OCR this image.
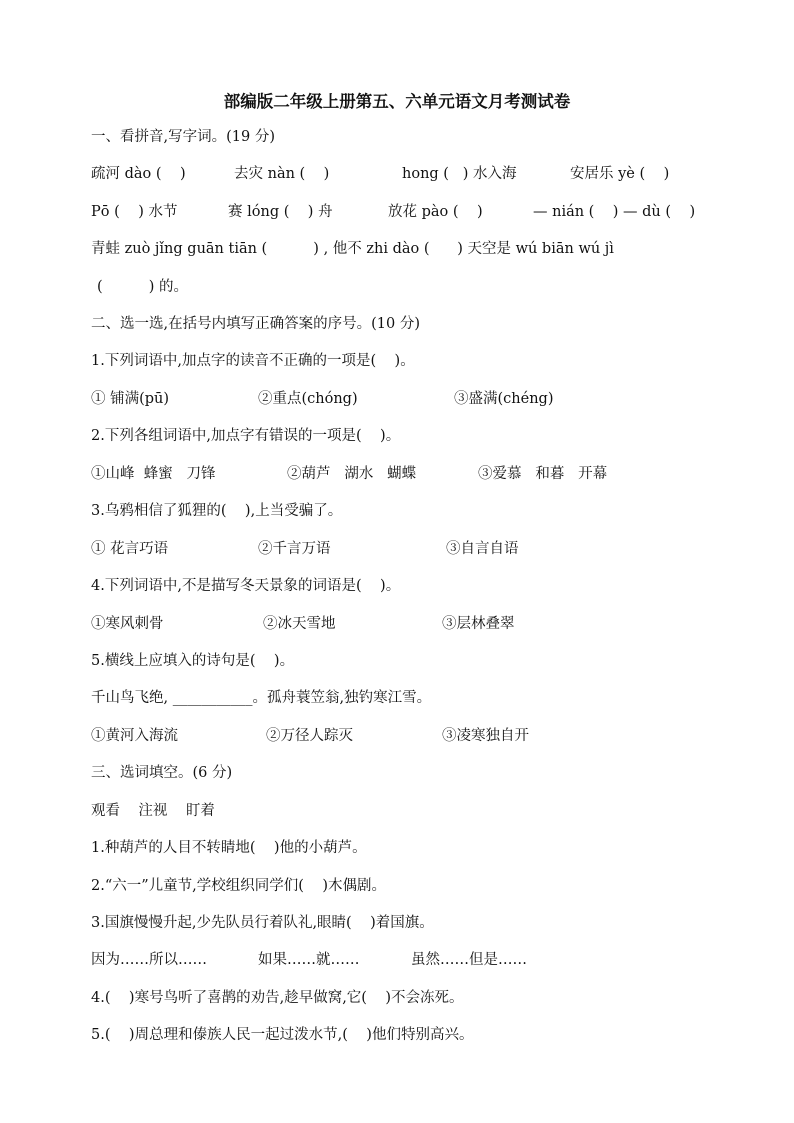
部编版二年级上册第五、六单元语文月考测试卷
一、看拼音,写字词。(19 分)
疏河 dào (    )	去灾 nàn (    )	hong (   ) 水入海	安居乐 yè (    )
Pō (    ) 水节	赛 lóng (    ) 舟	放花 pào (    )	— nián (    ) — dù (    )
青蛙 zuò jǐng guān tiān (          ) , 他不 zhi dào (      ) 天空是 wú biān wú jì
(          ) 的。
二、选一选,在括号内填写正确答案的序号。(10 分)
1.下列词语中,加点字的读音不正确的一项是(    )。
① 铺满(pū)	②重点(chóng)	③盛满(chéng)
2.下列各组词语中,加点字有错误的一项是(    )。
①山峰  蜂蜜   刀锋	②葫芦   湖水   蝴蝶	③爱慕   和暮   开幕
3.乌鸦相信了狐狸的(    ),上当受骗了。
① 花言巧语	②千言万语	③自言自语
4.下列词语中,不是描写冬天景象的词语是(    )。
①寒风刺骨	②冰天雪地	③层林叠翠
5.横线上应填入的诗句是(    )。
千山鸟飞绝, ___________。孤舟蓑笠翁,独钓寒江雪。
①黄河入海流	②万径人踪灭	③凌寒独自开
三、选词填空。(6 分)
观看    注视    盯着
1.种葫芦的人目不转睛地(    )他的小葫芦。
2.“六一”儿童节,学校组织同学们(    )木偶剧。
3.国旗慢慢升起,少先队员行着队礼,眼睛(    )着国旗。
因为……所以……	如果……就……	虽然……但是……
4.(    )寒号鸟听了喜鹊的劝告,趁早做窝,它(    )不会冻死。
5.(    )周总理和傣族人民一起过泼水节,(    )他们特别高兴。
